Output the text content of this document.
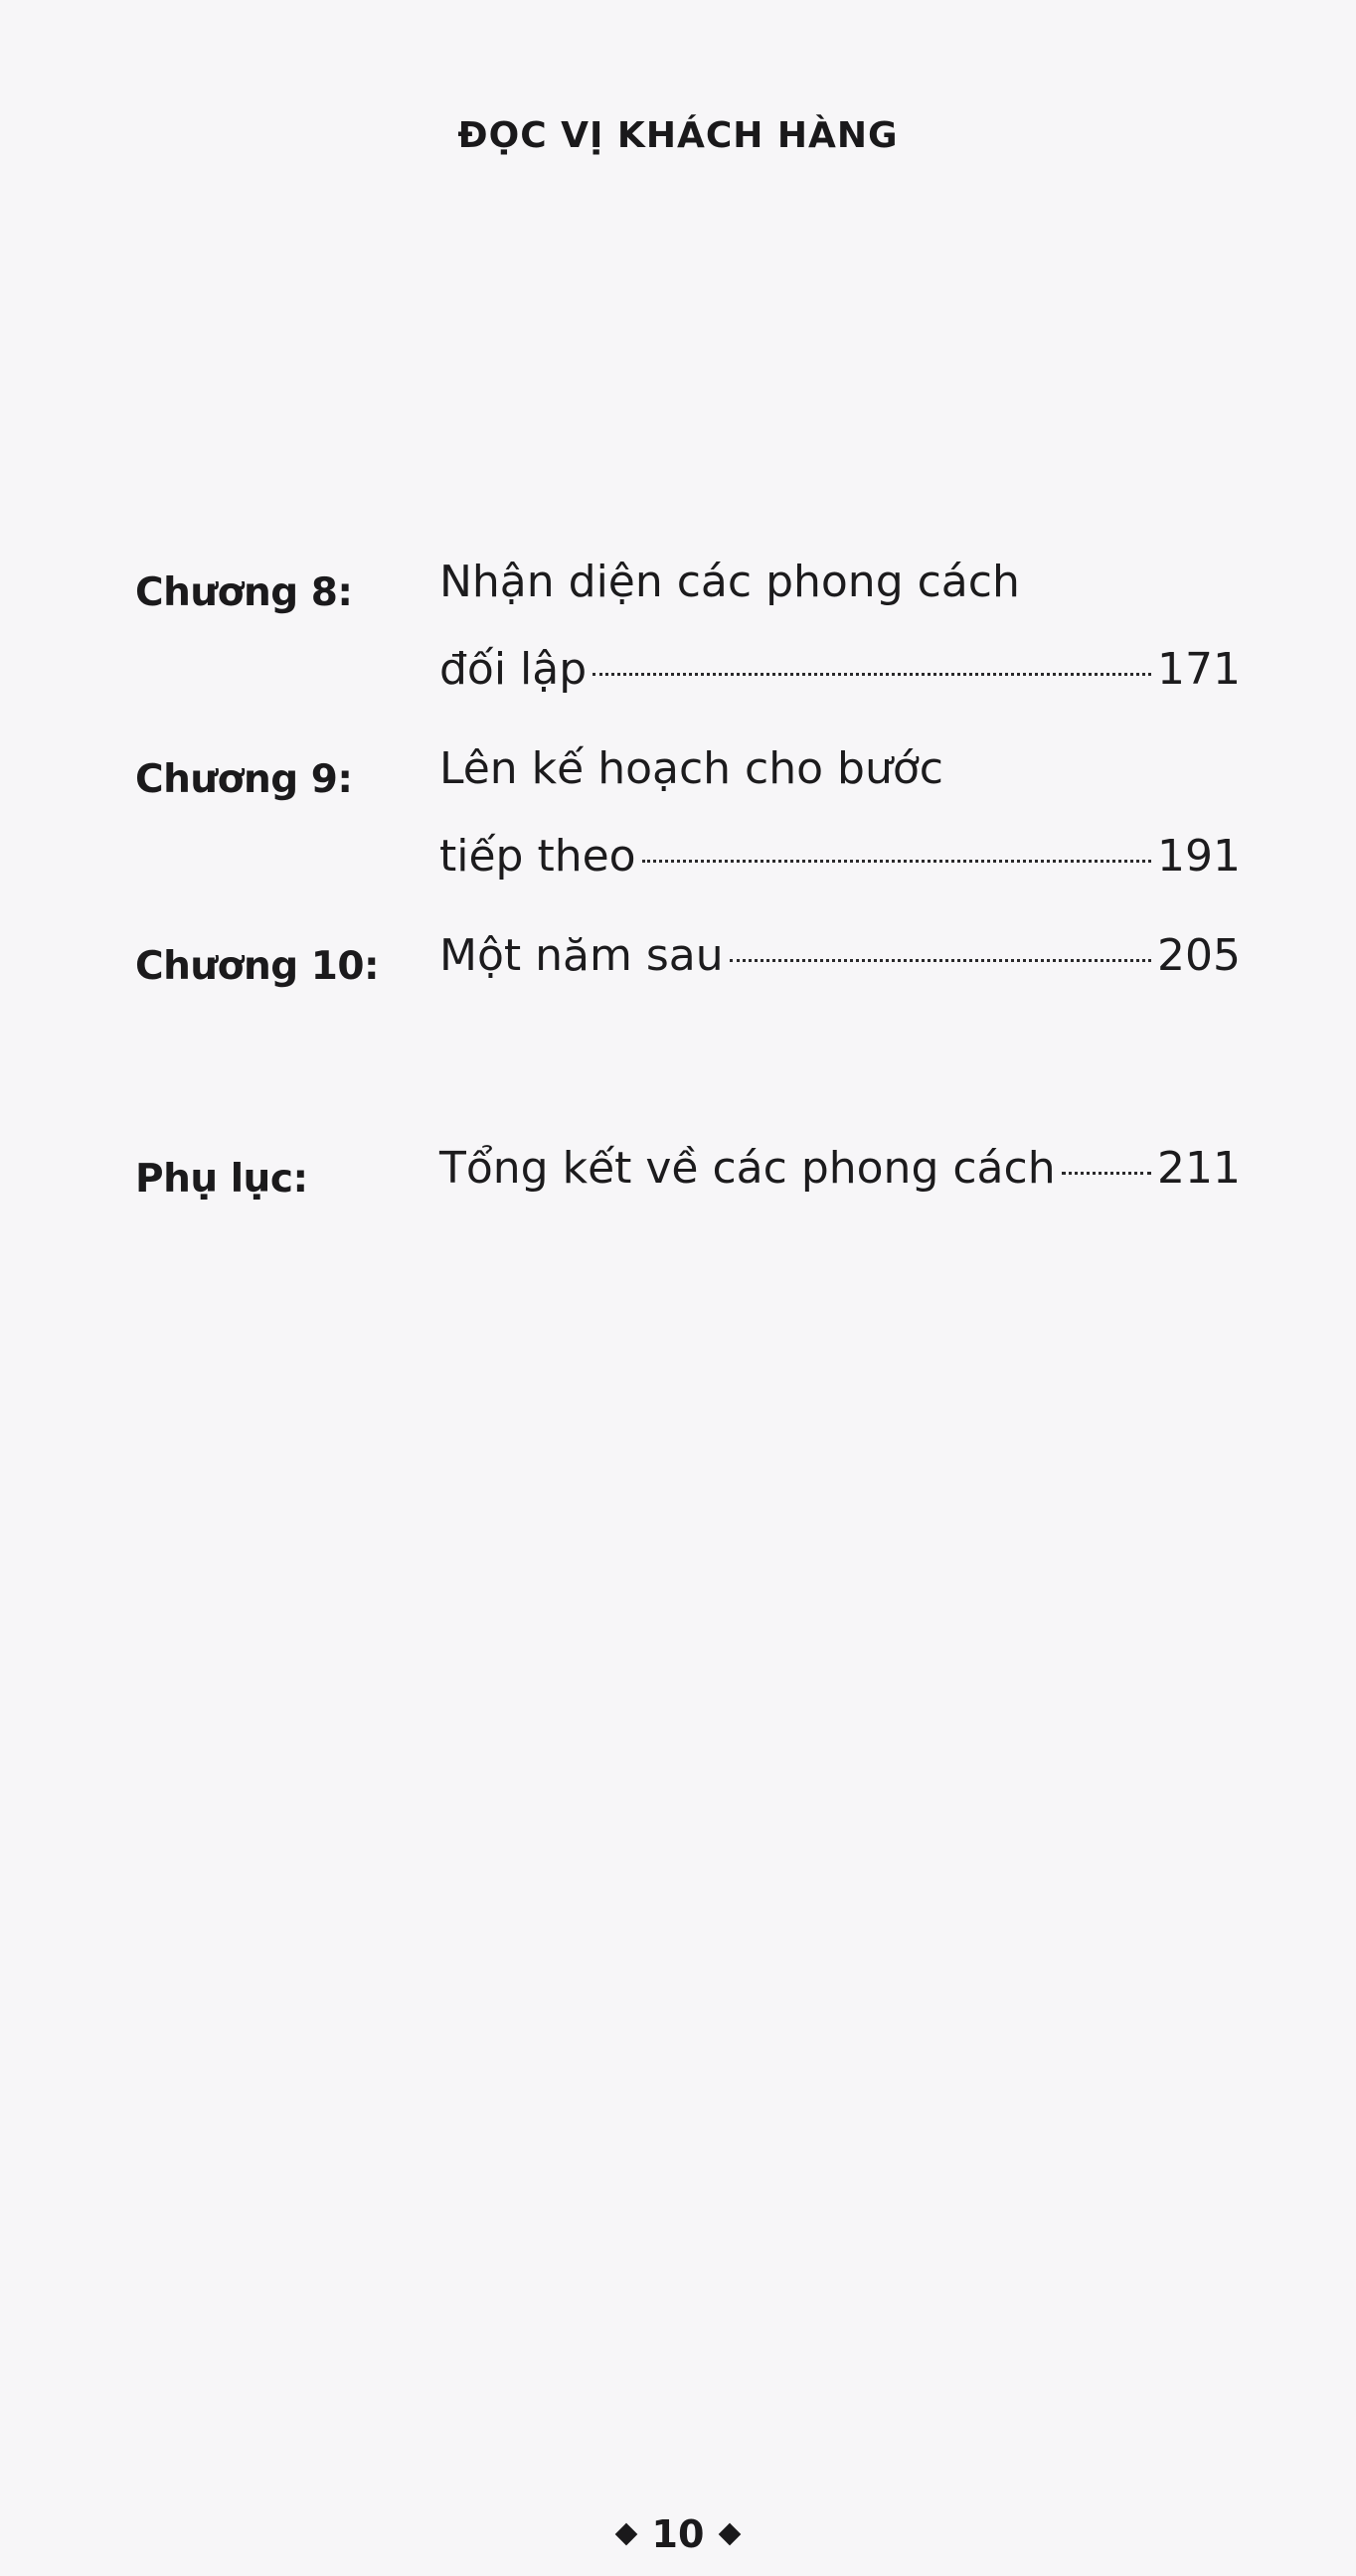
ĐỌC VỊ KHÁCH HÀNG
Chương 8: Nhận diện các phong cách
đối lập	171
Chương 9: Lên kế hoạch cho bước
tiếp theo	191
Chương 10: Một năm sau	205
Phụ lục:	Tổng kết về các phong cách 211
10
